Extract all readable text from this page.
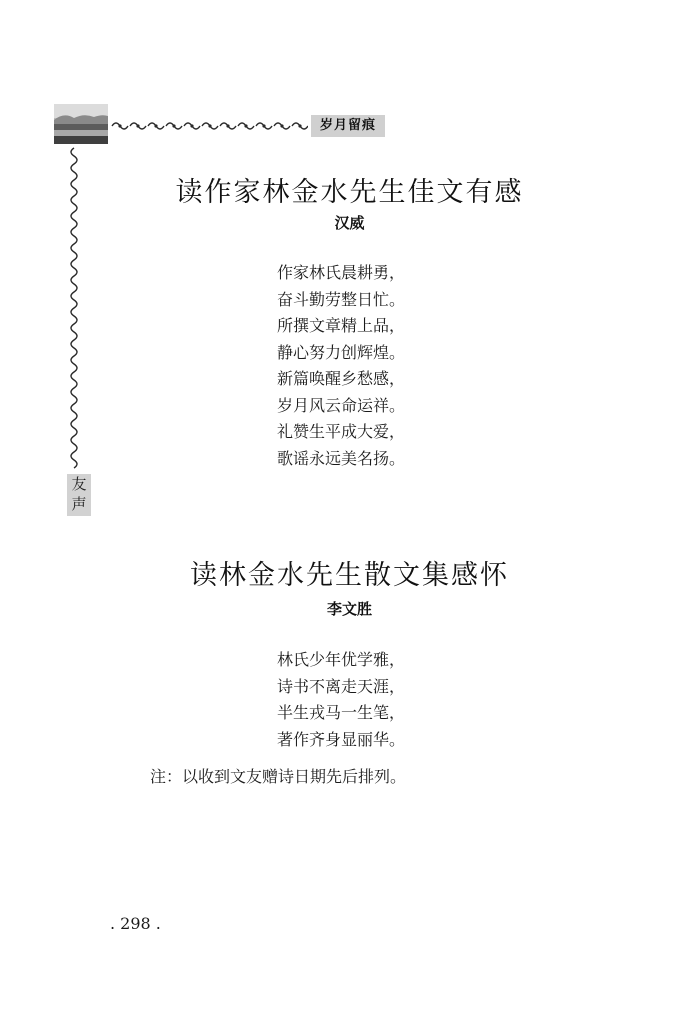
岁月留痕
友
声
读作家林金水先生佳文有感
汉威
作家林氏晨耕勇，
奋斗勤劳整日忙。
所撰文章精上品，
静心努力创辉煌。
新篇唤醒乡愁感，
岁月风云命运祥。
礼赞生平成大爱，
歌谣永远美名扬。
读林金水先生散文集感怀
李文胜
林氏少年优学雅，
诗书不离走天涯，
半生戎马一生笔，
著作齐身显丽华。
注：以收到文友赠诗日期先后排列。
. 298 .
